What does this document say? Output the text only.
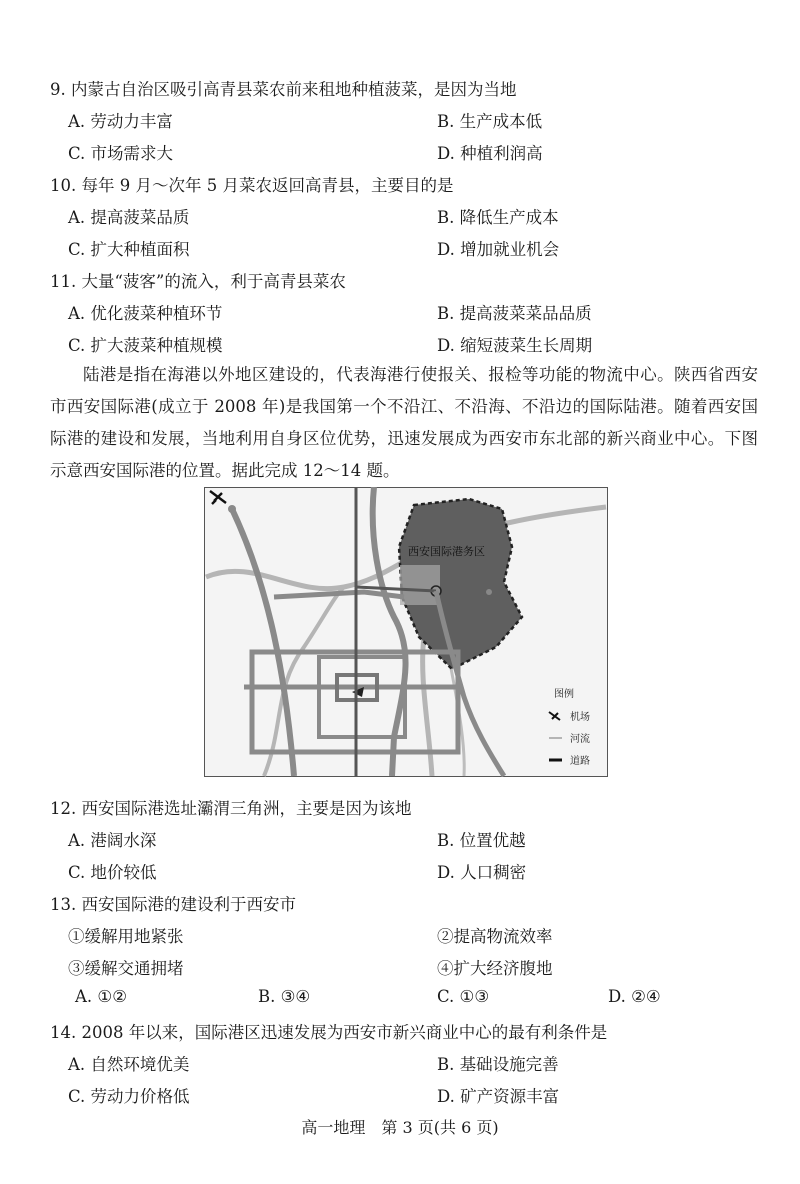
9. 内蒙古自治区吸引高青县菜农前来租地种植菠菜，是因为当地
A. 劳动力丰富	B. 生产成本低
C. 市场需求大	D. 种植利润高
10. 每年 9 月～次年 5 月菜农返回高青县，主要目的是
A. 提高菠菜品质	B. 降低生产成本
C. 扩大种植面积	D. 增加就业机会
11. 大量“菠客”的流入，利于高青县菜农
A. 优化菠菜种植环节	B. 提高菠菜菜品品质
C. 扩大菠菜种植规模	D. 缩短菠菜生长周期

陆港是指在海港以外地区建设的，代表海港行使报关、报检等功能的物流中心。陕西省西安市西安国际港(成立于 2008 年)是我国第一个不沿江、不沿海、不沿边的国际陆港。随着西安国际港的建设和发展，当地利用自身区位优势，迅速发展成为西安市东北部的新兴商业中心。下图示意西安国际港的位置。据此完成 12～14 题。

西安国际港务区
图例
机场
河流
道路
12. 西安国际港选址灞渭三角洲，主要是因为该地
A. 港阔水深	B. 位置优越
C. 地价较低	D. 人口稠密
13. 西安国际港的建设利于西安市
①缓解用地紧张	②提高物流效率
③缓解交通拥堵	④扩大经济腹地
A. ①②	B. ③④	C. ①③	D. ②④
14. 2008 年以来，国际港区迅速发展为西安市新兴商业中心的最有利条件是
A. 自然环境优美	B. 基础设施完善
C. 劳动力价格低	D. 矿产资源丰富
高一地理　第 3 页(共 6 页)
